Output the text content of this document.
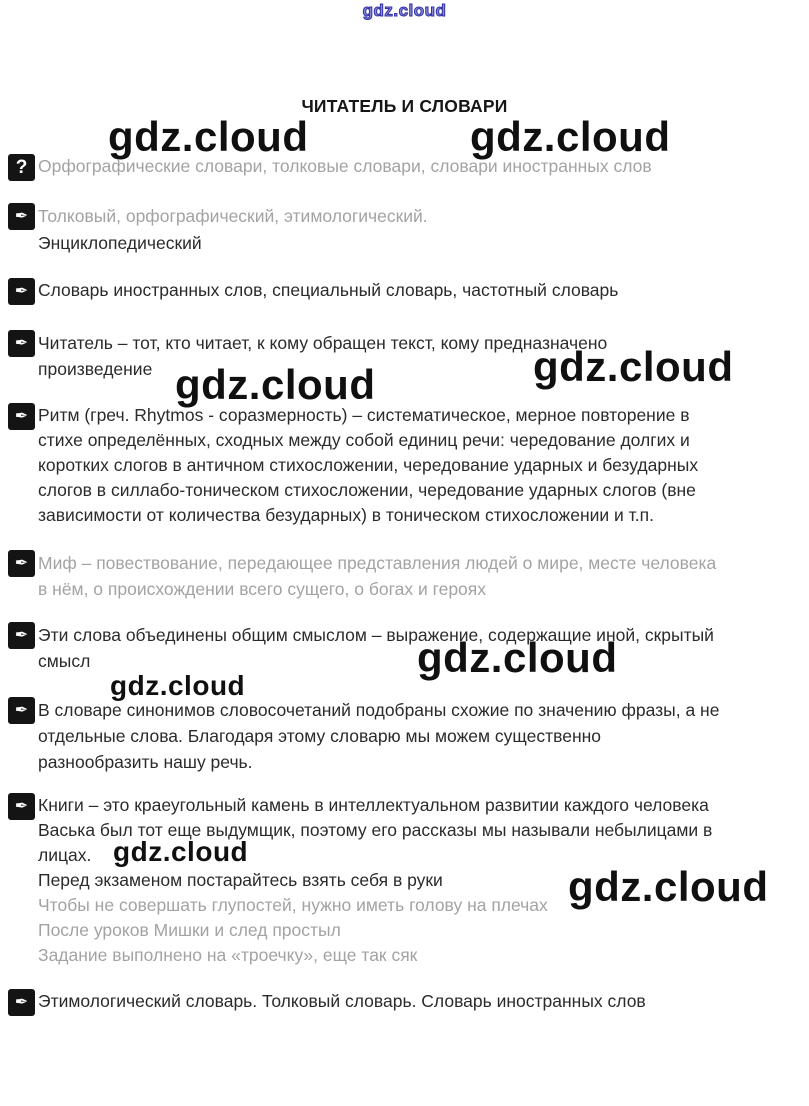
gdz.cloud
ЧИТАТЕЛЬ И СЛОВАРИ
gdz.cloud	gdz.cloud
gdz.cloud
gdz.cloud
gdz.cloud
gdz.cloud
gdz.cloud
gdz.cloud
? Орфографические словари, толковые словари, словари иностранных слов
✒ Толковый, орфографический, этимологический.
Энциклопедический
✒ Словарь иностранных слов, специальный словарь, частотный словарь
✒ Читатель – тот, кто читает, к кому обращен текст, кому предназначено
произведение
✒ Ритм (греч. Rhytmos - соразмерность) – систематическое, мерное повторение в
стихе определённых, сходных между собой единиц речи: чередование долгих и
коротких слогов в античном стихосложении, чередование ударных и безударных
слогов в силлабо-тоническом стихосложении, чередование ударных слогов (вне
зависимости от количества безударных) в тоническом стихосложении и т.п.
✒ Миф – повествование, передающее представления людей о мире, месте человека
в нём, о происхождении всего сущего, о богах и героях
✒ Эти слова объединены общим смыслом – выражение, содержащие иной, скрытый
смысл
✒ В словаре синонимов словосочетаний подобраны схожие по значению фразы, а не
отдельные слова. Благодаря этому словарю мы можем существенно
разнообразить нашу речь.
✒ Книги – это краеугольный камень в интеллектуальном развитии каждого человека
Васька был тот еще выдумщик, поэтому его рассказы мы называли небылицами в
лицах.
Перед экзаменом постарайтесь взять себя в руки
Чтобы не совершать глупостей, нужно иметь голову на плечах
После уроков Мишки и след простыл
Задание выполнено на «троечку», еще так сяк
✒ Этимологический словарь. Толковый словарь. Словарь иностранных слов
